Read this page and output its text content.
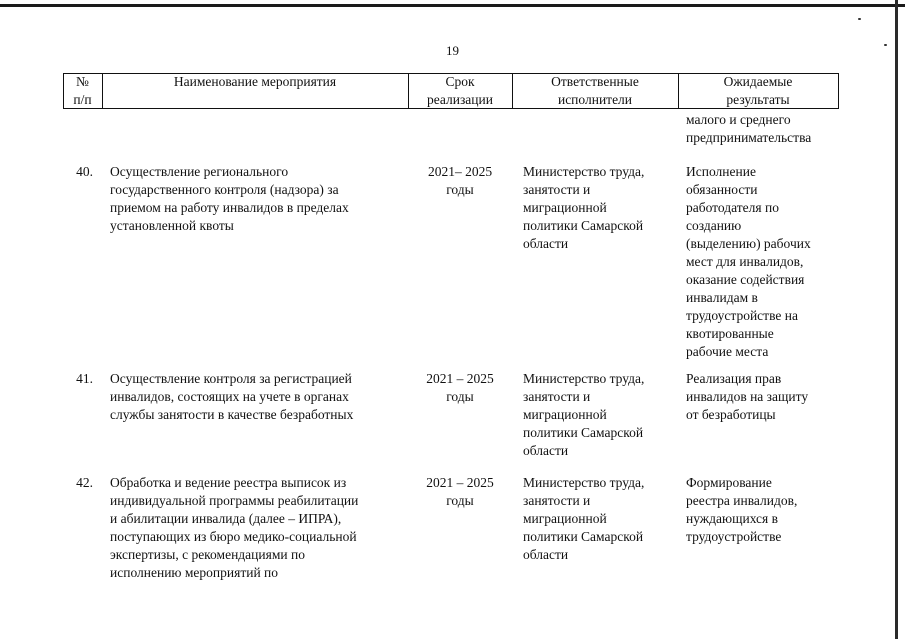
19
№
п/п
Наименование мероприятия	Срок
реализации
Ответственные
исполнители
Ожидаемые
результаты
малого и среднего
предпринимательства
40. Осуществление регионального
государственного контроля (надзора) за
приемом на работу инвалидов в пределах
установленной квоты
2021– 2025
годы
Министерство труда,
занятости и
миграционной
политики Самарской
области
Исполнение
обязанности
работодателя по
созданию
(выделению) рабочих
мест для инвалидов,
оказание содействия
инвалидам в
трудоустройстве на
квотированные
рабочие места
41. Осуществление контроля за регистрацией
инвалидов, состоящих на учете в органах
службы занятости в качестве безработных
2021 – 2025
годы
Министерство труда,
занятости и
миграционной
политики Самарской
области
Реализация прав
инвалидов на защиту
от безработицы
42. Обработка и ведение реестра выписок из
индивидуальной программы реабилитации
и абилитации инвалида (далее – ИПРА),
поступающих из бюро медико-социальной
экспертизы, с рекомендациями по
исполнению мероприятий по
2021 – 2025
годы
Министерство труда,
занятости и
миграционной
политики Самарской
области
Формирование
реестра инвалидов,
нуждающихся в
трудоустройстве
